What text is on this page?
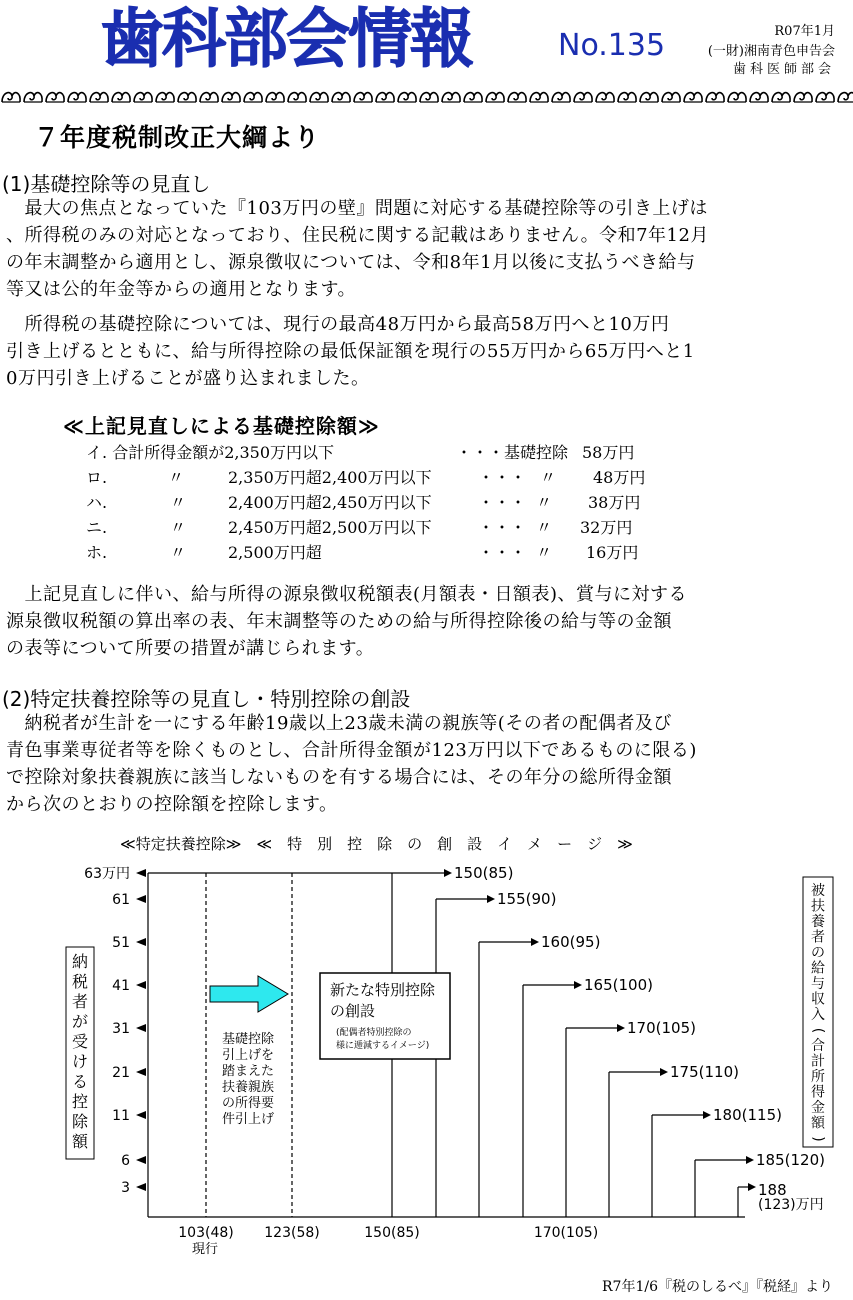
歯科部会情報	No.135	R07年1月
(一財)湘南青色申告会
歯科医師部会
７年度税制改正大綱より
(1)基礎控除等の見直し
　最大の焦点となっていた『103万円の壁』問題に対応する基礎控除等の引き上げは
、所得税のみの対応となっており、住民税に関する記載はありません。令和7年12月
の年末調整から適用とし、源泉徴収については、令和8年1月以後に支払うべき給与
等又は公的年金等からの適用となります。
　所得税の基礎控除については、現行の最高48万円から最高58万円へと10万円
引き上げるとともに、給与所得控除の最低保証額を現行の55万円から65万円へと1
0万円引き上げることが盛り込まれました。
≪上記見直しによる基礎控除額≫
イ. 合計所得金額が2,350万円以下	・・・ 基礎控除 58万円
ロ.	〃	2,350万円超2,400万円以下	・・・ 〃 48万円
ハ.	〃	2,400万円超2,450万円以下	・・・ 〃 38万円
ニ.	〃	2,450万円超2,500万円以下	・・・ 〃 32万円
ホ.	〃	2,500万円超	・・・ 〃 16万円
　上記見直しに伴い、給与所得の源泉徴収税額表(月額表・日額表)、賞与に対する
源泉徴収税額の算出率の表、年末調整等のための給与所得控除後の給与等の金額
の表等について所要の措置が講じられます。
(2)特定扶養控除等の見直し・特別控除の創設
　納税者が生計を一にする年齢19歳以上23歳未満の親族等(その者の配偶者及び
青色事業専従者等を除くものとし、合計所得金額が123万円以下であるものに限る)
で控除対象扶養親族に該当しないものを有する場合には、その年分の総所得金額
から次のとおりの控除額を控除します。
≪特定扶養控除≫　≪　特　別　控　除　の　創　設　イ　メ　ー　ジ　≫
納
税
者
が
受
け
る
控
除
額
被
扶
養
者
の
給
与
収
入
(
合
計
所
得
金
額
)
150(85)
155(90)
160(95)
165(100)
170(105)
175(110)
180(115)
185(120)
188
(123)万円
63万円
61
51
41
31
21
11
6
3
103(48) 123(58)	150(85)	170(105)
基礎控除
引上げを
踏まえた
扶養親族
の所得要
件引上げ
新たな特別控除
の創設
(配偶者特別控除の
様に逓減するイメージ)
現行
R7年1/6『税のしるべ』『税経』より
